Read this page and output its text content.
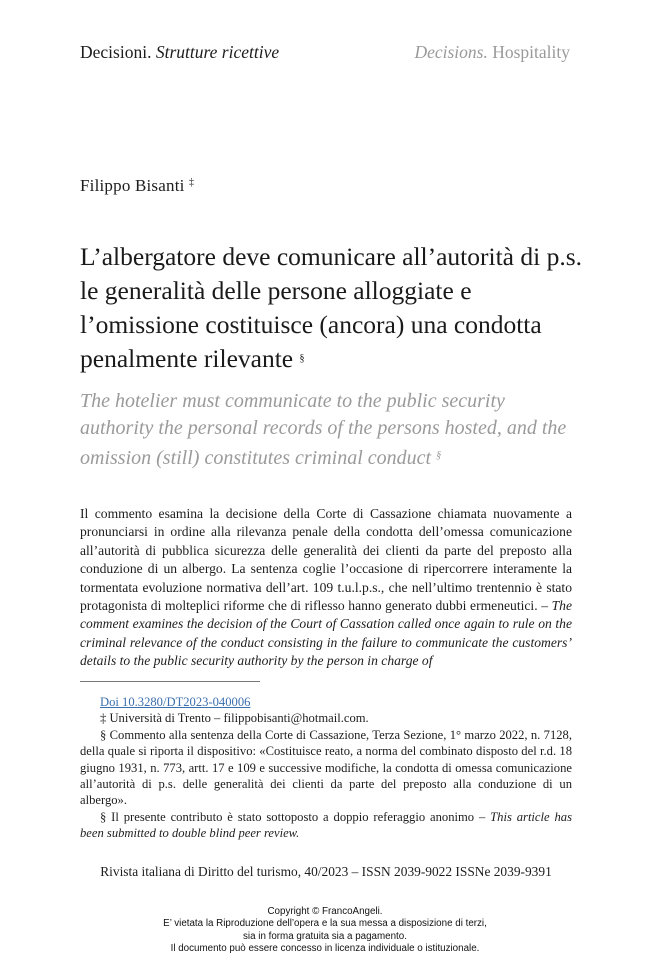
Decisioni. Strutture ricettive	Decisions. Hospitality
Filippo Bisanti ‡
L’albergatore deve comunicare all’autorità di p.s. le generalità delle persone alloggiate e l’omissione costituisce (ancora) una condotta penalmente rilevante §
The hotelier must communicate to the public security authority the personal records of the persons hosted, and the omission (still) constitutes criminal conduct §
Il commento esamina la decisione della Corte di Cassazione chiamata nuovamente a pronunciarsi in ordine alla rilevanza penale della condotta dell’omessa comunicazione all’autorità di pubblica sicurezza delle generalità dei clienti da parte del preposto alla conduzione di un albergo. La sentenza coglie l’occasione di ripercorrere interamente la tormentata evoluzione normativa dell’art. 109 t.u.l.p.s., che nell’ultimo trentennio è stato protagonista di molteplici riforme che di riflesso hanno generato dubbi ermeneutici. – The comment examines the decision of the Court of Cassation called once again to rule on the criminal relevance of the conduct consisting in the failure to communicate the customers’ details to the public security authority by the person in charge of

Doi 10.3280/DT2023-040006

‡ Università di Trento – filippobisanti@hotmail.com.

§ Commento alla sentenza della Corte di Cassazione, Terza Sezione, 1° marzo 2022, n. 7128, della quale si riporta il dispositivo: «Costituisce reato, a norma del combinato disposto del r.d. 18 giugno 1931, n. 773, artt. 17 e 109 e successive modifiche, la condotta di omessa comunicazione all’autorità di p.s. delle generalità dei clienti da parte del preposto alla conduzione di un albergo».

§ Il presente contributo è stato sottoposto a doppio referaggio anonimo – This article has been submitted to double blind peer review.

Rivista italiana di Diritto del turismo, 40/2023 – ISSN 2039-9022 ISSNe 2039-9391
Copyright © FrancoAngeli.
E’ vietata la Riproduzione dell’opera e la sua messa a disposizione di terzi,
sia in forma gratuita sia a pagamento.
Il documento può essere concesso in licenza individuale o istituzionale.
